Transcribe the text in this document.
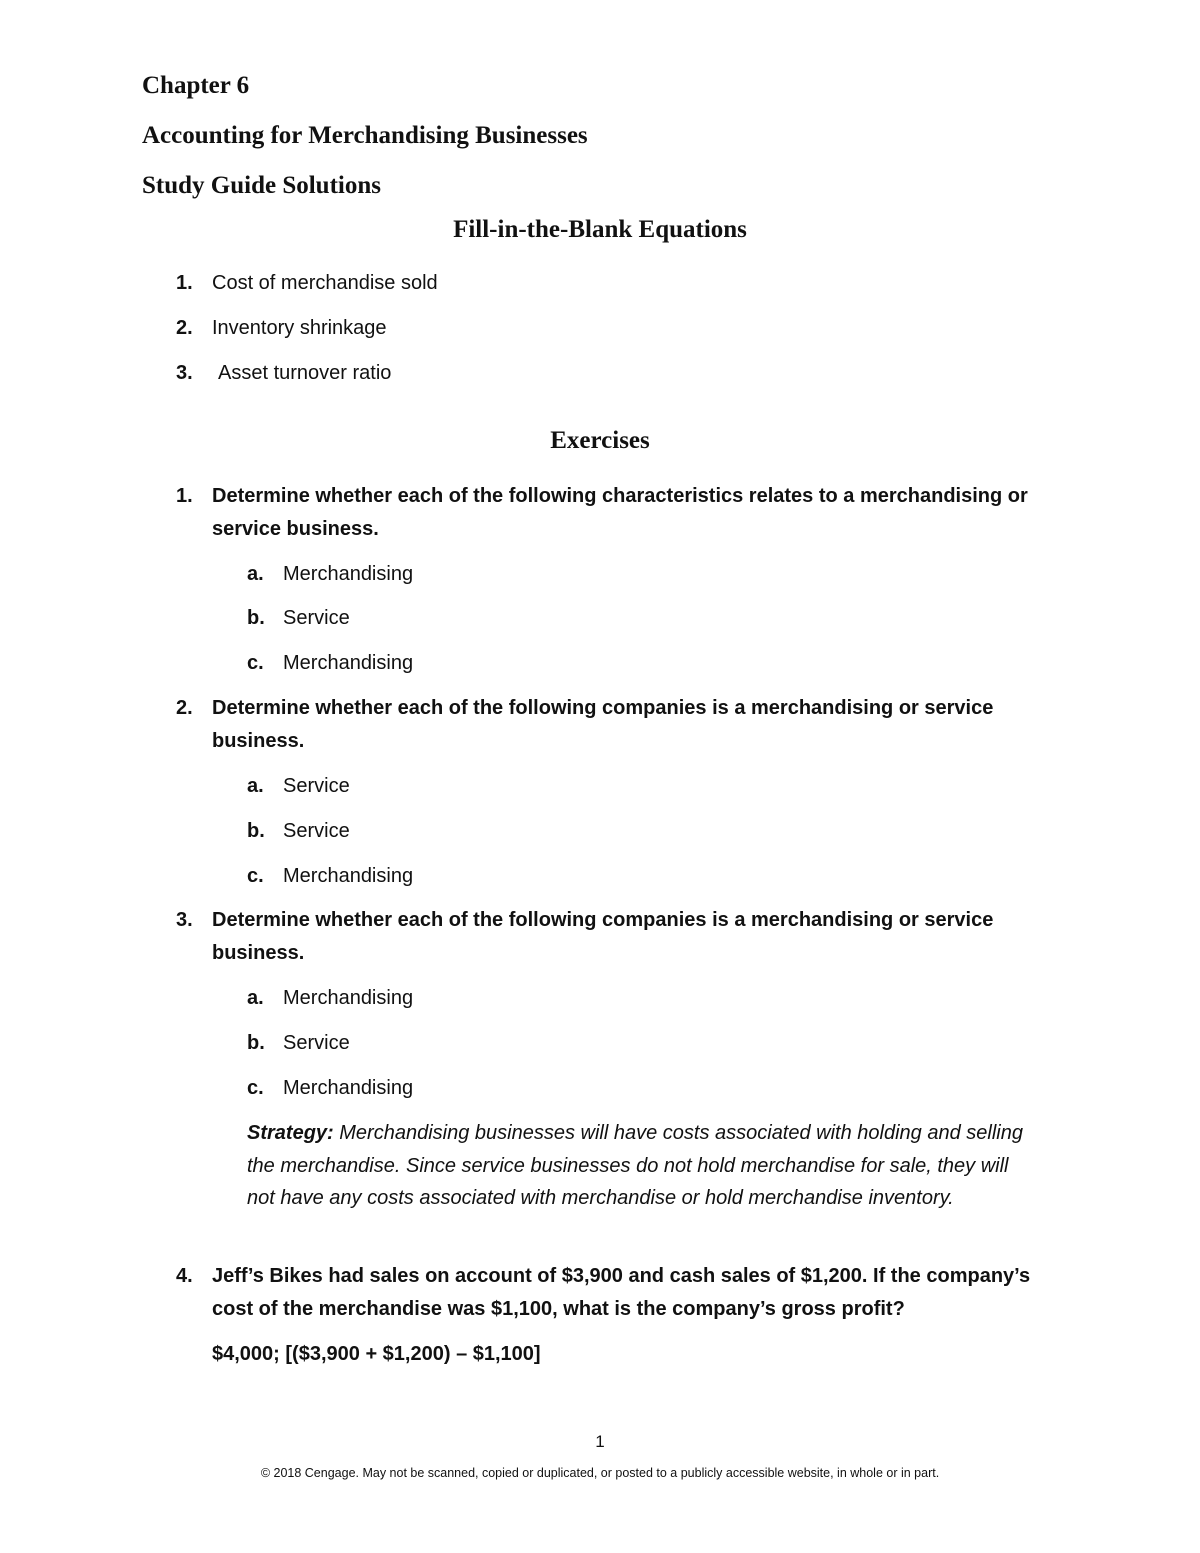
Chapter 6
Accounting for Merchandising Businesses
Study Guide Solutions
Fill-in-the-Blank Equations
1. Cost of merchandise sold
2. Inventory shrinkage
3. Asset turnover ratio
Exercises
1. Determine whether each of the following characteristics relates to a merchandising or service business.
a. Merchandising
b. Service
c. Merchandising
2. Determine whether each of the following companies is a merchandising or service business.
a. Service
b. Service
c. Merchandising
3. Determine whether each of the following companies is a merchandising or service business.
a. Merchandising
b. Service
c. Merchandising
Strategy: Merchandising businesses will have costs associated with holding and selling the merchandise. Since service businesses do not hold merchandise for sale, they will not have any costs associated with merchandise or hold merchandise inventory.
4. Jeff’s Bikes had sales on account of $3,900 and cash sales of $1,200. If the company’s cost of the merchandise was $1,100, what is the company’s gross profit?
$4,000; [($3,900 + $1,200) – $1,100]
1
© 2018 Cengage. May not be scanned, copied or duplicated, or posted to a publicly accessible website, in whole or in part.
